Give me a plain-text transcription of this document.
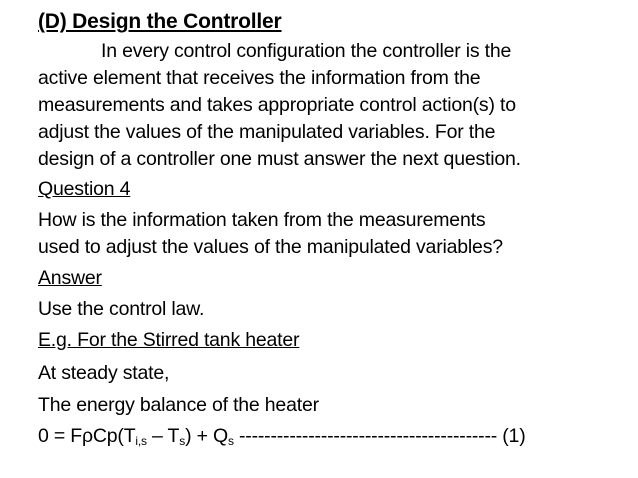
(D) Design the Controller
In every control configuration the controller is the
active element that receives the information from the
measurements and takes appropriate control action(s) to
adjust the values of the manipulated variables. For the
design of a controller one must answer the next question.
Question 4
How is the information taken from the measurements
used to adjust the values of the manipulated variables?
Answer
Use the control law.
E.g. For the Stirred tank heater
At steady state,
The energy balance of the heater
$0 = F\rho Cp(T_{i,s} - T_s) + Q_s$ ----------------------------------------- (1)
